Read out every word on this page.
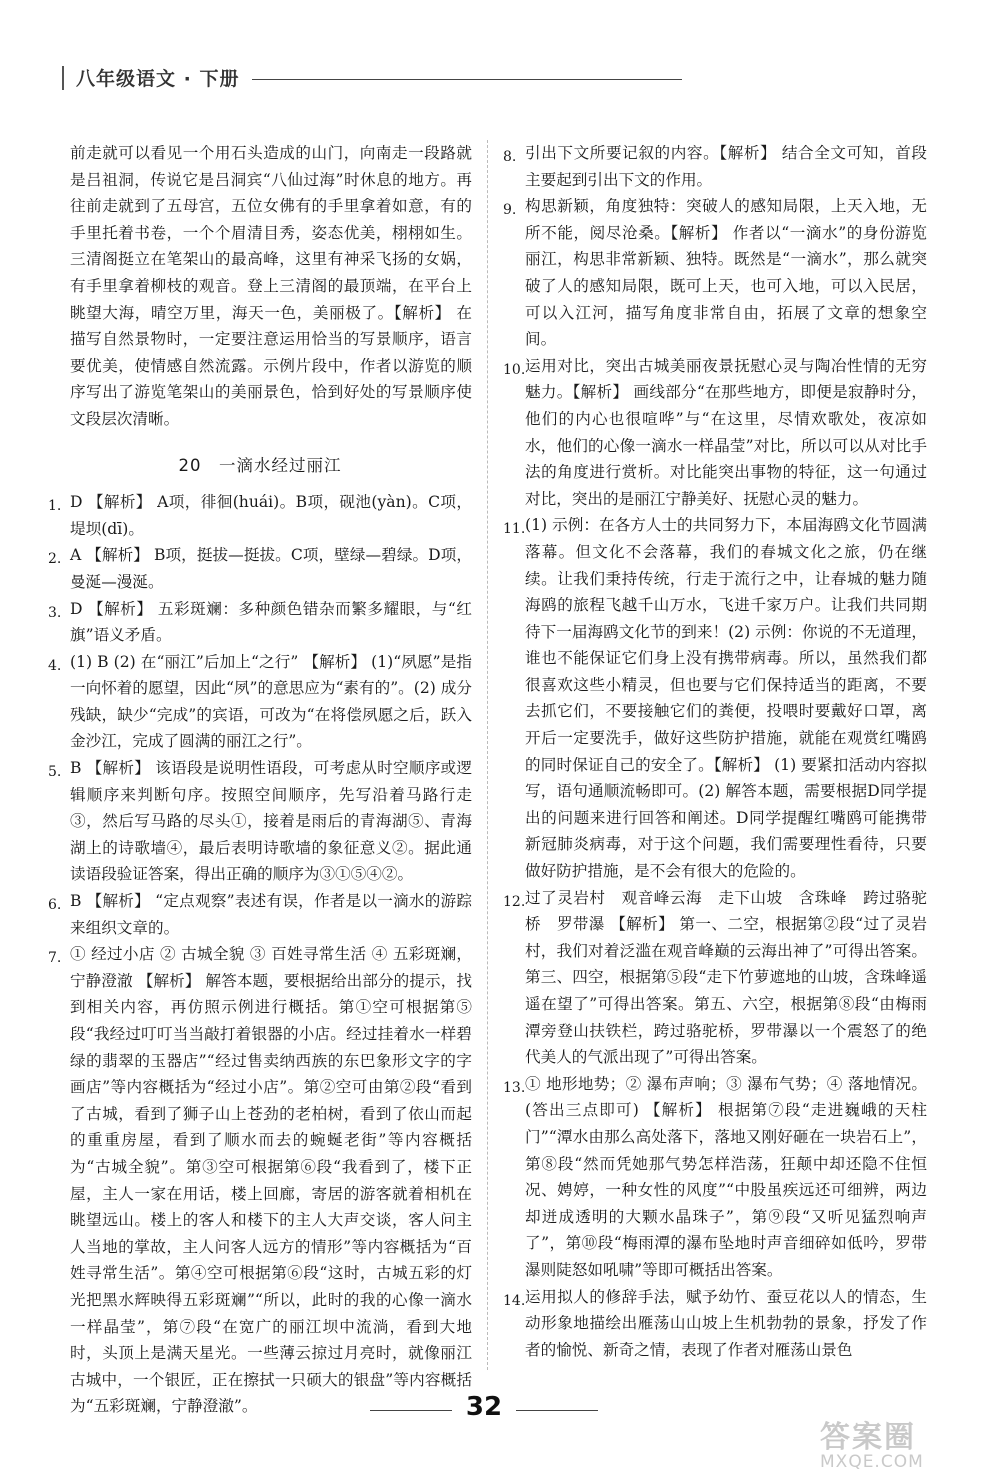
八年级语文 · 下册

前走就可以看见一个用石头造成的山门，向南走一段路就是吕祖洞，传说它是吕洞宾“八仙过海”时休息的地方。再往前走就到了五母宫，五位女佛有的手里拿着如意，有的手里托着书卷，一个个眉清目秀，姿态优美，栩栩如生。三清阁挺立在笔架山的最高峰，这里有神采飞扬的女娲，有手里拿着柳枝的观音。登上三清阁的最顶端，在平台上眺望大海，晴空万里，海天一色，美丽极了。【解析】 在描写自然景物时，一定要注意运用恰当的写景顺序，语言要优美，使情感自然流露。示例片段中，作者以游览的顺序写出了游览笔架山的美丽景色，恰到好处的写景顺序使文段层次清晰。

20　一滴水经过丽江
1. D 【解析】 A项，徘徊(huái)。B项，砚池(yàn)。C项，堤坝(dī)。
2. A 【解析】 B项，挺拔—挺拔。C项，壁绿—碧绿。D项，曼涎—漫涎。
3. D 【解析】 五彩斑斓：多种颜色错杂而繁多耀眼，与“红旗”语义矛盾。
4. (1) B (2) 在“丽江”后加上“之行” 【解析】 (1)“夙愿”是指一向怀着的愿望，因此“夙”的意思应为“素有的”。(2) 成分残缺，缺少“完成”的宾语，可改为“在将偿夙愿之后，跃入金沙江，完成了圆满的丽江之行”。
5. B 【解析】 该语段是说明性语段，可考虑从时空顺序或逻辑顺序来判断句序。按照空间顺序，先写沿着马路行走③，然后写马路的尽头①，接着是雨后的青海湖⑤、青海湖上的诗歌墙④，最后表明诗歌墙的象征意义②。据此通读语段验证答案，得出正确的顺序为③①⑤④②。
6. B 【解析】 “定点观察”表述有误，作者是以一滴水的游踪来组织文章的。
7. ① 经过小店 ② 古城全貌 ③ 百姓寻常生活 ④ 五彩斑斓，宁静澄澈 【解析】 解答本题，要根据给出部分的提示，找到相关内容，再仿照示例进行概括。第①空可根据第⑤段“我经过叮叮当当敲打着银器的小店。经过挂着水一样碧绿的翡翠的玉器店”“经过售卖纳西族的东巴象形文字的字画店”等内容概括为“经过小店”。第②空可由第②段“看到了古城，看到了狮子山上苍劲的老柏树，看到了依山而起的重重房屋，看到了顺水而去的蜿蜒老街”等内容概括为“古城全貌”。第③空可根据第⑥段“我看到了，楼下正屋，主人一家在用话，楼上回廊，寄居的游客就着相机在眺望远山。楼上的客人和楼下的主人大声交谈，客人问主人当地的掌故，主人问客人远方的情形”等内容概括为“百姓寻常生活”。第④空可根据第⑥段“这时，古城五彩的灯光把黑水辉映得五彩斑斓”“所以，此时的我的心像一滴水一样晶莹”，第⑦段“在宽广的丽江坝中流淌，看到大地时，头顶上是满天星光。一些薄云掠过月亮时，就像丽江古城中，一个银匠，正在擦拭一只硕大的银盘”等内容概括为“五彩斑斓，宁静澄澈”。
8. 引出下文所要记叙的内容。【解析】 结合全文可知，首段主要起到引出下文的作用。
9. 构思新颖，角度独特：突破人的感知局限，上天入地，无所不能，阅尽沧桑。【解析】 作者以“一滴水”的身份游览丽江，构思非常新颖、独特。既然是“一滴水”，那么就突破了人的感知局限，既可上天，也可入地，可以入民居，可以入江河，描写角度非常自由，拓展了文章的想象空间。
10. 运用对比，突出古城美丽夜景抚慰心灵与陶冶性情的无穷魅力。【解析】 画线部分“在那些地方，即便是寂静时分，他们的内心也很喧哗”与“在这里，尽情欢歌处，夜凉如水，他们的心像一滴水一样晶莹”对比，所以可以从对比手法的角度进行赏析。对比能突出事物的特征，这一句通过对比，突出的是丽江宁静美好、抚慰心灵的魅力。
11. (1) 示例：在各方人士的共同努力下，本届海鸥文化节圆满落幕。但文化不会落幕，我们的春城文化之旅，仍在继续。让我们秉持传统，行走于流行之中，让春城的魅力随海鸥的旅程飞越千山万水，飞进千家万户。让我们共同期待下一届海鸥文化节的到来！(2) 示例：你说的不无道理，谁也不能保证它们身上没有携带病毒。所以，虽然我们都很喜欢这些小精灵，但也要与它们保持适当的距离，不要去抓它们，不要接触它们的粪便，投喂时要戴好口罩，离开后一定要洗手，做好这些防护措施，就能在观赏红嘴鸥的同时保证自己的安全了。【解析】 (1) 要紧扣活动内容拟写，语句通顺流畅即可。(2) 解答本题，需要根据D同学提出的问题来进行回答和阐述。D同学提醒红嘴鸥可能携带新冠肺炎病毒，对于这个问题，我们需要理性看待，只要做好防护措施，是不会有很大的危险的。
12. 过了灵岩村　观音峰云海　走下山坡　含珠峰　跨过骆驼桥　罗带瀑 【解析】 第一、二空，根据第②段“过了灵岩村，我们对着泛滥在观音峰巅的云海出神了”可得出答案。第三、四空，根据第⑤段“走下竹萝遮地的山坡，含珠峰遥遥在望了”可得出答案。第五、六空，根据第⑧段“由梅雨潭旁登山扶铁栏，跨过骆驼桥，罗带瀑以一个震怒了的绝代美人的气派出现了”可得出答案。
13. ① 地形地势；② 瀑布声响；③ 瀑布气势；④ 落地情况。(答出三点即可) 【解析】 根据第⑦段“走进巍峨的天柱门”“潭水由那么高处落下，落地又刚好砸在一块岩石上”，第⑧段“然而凭她那气势怎样浩荡，狂颠中却还隐不住恒况、娉婷，一种女性的风度”“中股虽疾远还可细辨，两边却迸成透明的大颗水晶珠子”，第⑨段“又听见猛烈响声了”，第⑩段“梅雨潭的瀑布坠地时声音细碎如低吟，罗带瀑则陡怒如吼啸”等即可概括出答案。
14. 运用拟人的修辞手法，赋予幼竹、蚕豆花以人的情态，生动形象地描绘出雁荡山山坡上生机勃勃的景象，抒发了作者的愉悦、新奇之情，表现了作者对雁荡山景色
32
答案圈
MXQE.COM
